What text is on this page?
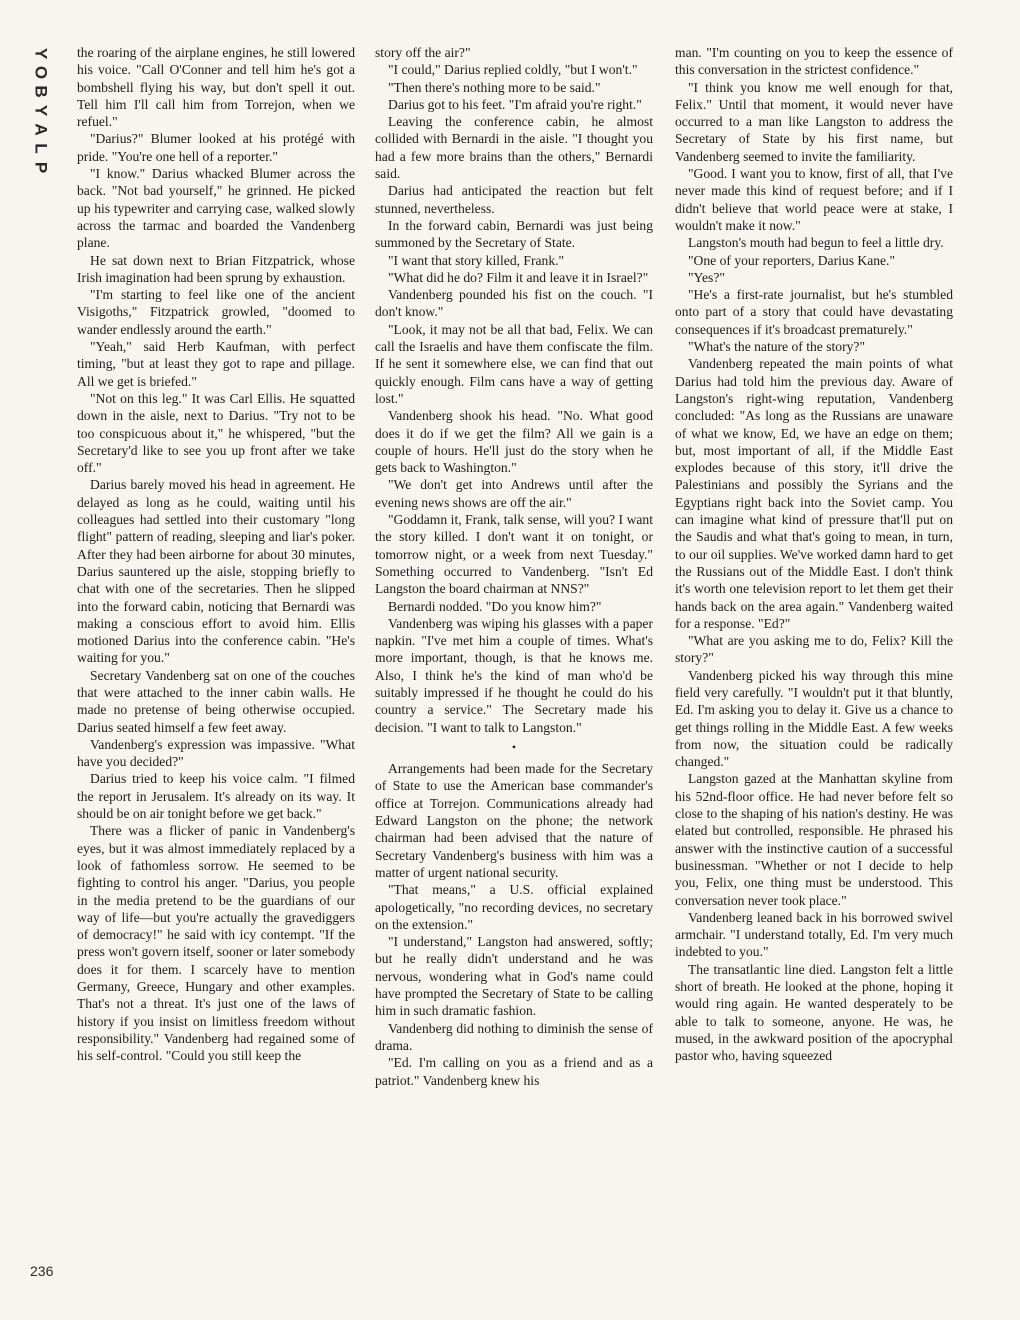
Y
O
B
Y
A
L
P

the roaring of the airplane engines, he still lowered his voice. "Call O'Conner and tell him he's got a bombshell flying his way, but don't spell it out. Tell him I'll call him from Torrejon, when we refuel."

"Darius?" Blumer looked at his protégé with pride. "You're one hell of a reporter."

"I know." Darius whacked Blumer across the back. "Not bad yourself," he grinned. He picked up his typewriter and carrying case, walked slowly across the tarmac and boarded the Vandenberg plane.

He sat down next to Brian Fitzpatrick, whose Irish imagination had been sprung by exhaustion.

"I'm starting to feel like one of the ancient Visigoths," Fitzpatrick growled, "doomed to wander endlessly around the earth."

"Yeah," said Herb Kaufman, with perfect timing, "but at least they got to rape and pillage. All we get is briefed."

"Not on this leg." It was Carl Ellis. He squatted down in the aisle, next to Darius. "Try not to be too conspicuous about it," he whispered, "but the Secretary'd like to see you up front after we take off."

Darius barely moved his head in agreement. He delayed as long as he could, waiting until his colleagues had settled into their customary "long flight" pattern of reading, sleeping and liar's poker. After they had been airborne for about 30 minutes, Darius sauntered up the aisle, stopping briefly to chat with one of the secretaries. Then he slipped into the forward cabin, noticing that Bernardi was making a conscious effort to avoid him. Ellis motioned Darius into the conference cabin. "He's waiting for you."

Secretary Vandenberg sat on one of the couches that were attached to the inner cabin walls. He made no pretense of being otherwise occupied. Darius seated himself a few feet away.

Vandenberg's expression was impassive. "What have you decided?"

Darius tried to keep his voice calm. "I filmed the report in Jerusalem. It's already on its way. It should be on air tonight before we get back."

There was a flicker of panic in Vandenberg's eyes, but it was almost immediately replaced by a look of fathomless sorrow. He seemed to be fighting to control his anger. "Darius, you people in the media pretend to be the guardians of our way of life—but you're actually the gravediggers of democracy!" he said with icy contempt. "If the press won't govern itself, sooner or later somebody does it for them. I scarcely have to mention Germany, Greece, Hungary and other examples. That's not a threat. It's just one of the laws of history if you insist on limitless freedom without responsibility." Vandenberg had regained some of his self-control. "Could you still keep the

story off the air?"

"I could," Darius replied coldly, "but I won't."

"Then there's nothing more to be said."

Darius got to his feet. "I'm afraid you're right."

Leaving the conference cabin, he almost collided with Bernardi in the aisle. "I thought you had a few more brains than the others," Bernardi said.

Darius had anticipated the reaction but felt stunned, nevertheless.

In the forward cabin, Bernardi was just being summoned by the Secretary of State.

"I want that story killed, Frank."

"What did he do? Film it and leave it in Israel?"

Vandenberg pounded his fist on the couch. "I don't know."

"Look, it may not be all that bad, Felix. We can call the Israelis and have them confiscate the film. If he sent it somewhere else, we can find that out quickly enough. Film cans have a way of getting lost."

Vandenberg shook his head. "No. What good does it do if we get the film? All we gain is a couple of hours. He'll just do the story when he gets back to Washington."

"We don't get into Andrews until after the evening news shows are off the air."

"Goddamn it, Frank, talk sense, will you? I want the story killed. I don't want it on tonight, or tomorrow night, or a week from next Tuesday." Something occurred to Vandenberg. "Isn't Ed Langston the board chairman at NNS?"

Bernardi nodded. "Do you know him?"

Vandenberg was wiping his glasses with a paper napkin. "I've met him a couple of times. What's more important, though, is that he knows me. Also, I think he's the kind of man who'd be suitably impressed if he thought he could do his country a service." The Secretary made his decision. "I want to talk to Langston."

•

Arrangements had been made for the Secretary of State to use the American base commander's office at Torrejon. Communications already had Edward Langston on the phone; the network chairman had been advised that the nature of Secretary Vandenberg's business with him was a matter of urgent national security.

"That means," a U.S. official explained apologetically, "no recording devices, no secretary on the extension."

"I understand," Langston had answered, softly; but he really didn't understand and he was nervous, wondering what in God's name could have prompted the Secretary of State to be calling him in such dramatic fashion.

Vandenberg did nothing to diminish the sense of drama.

"Ed. I'm calling on you as a friend and as a patriot." Vandenberg knew his

man. "I'm counting on you to keep the essence of this conversation in the strictest confidence."

"I think you know me well enough for that, Felix." Until that moment, it would never have occurred to a man like Langston to address the Secretary of State by his first name, but Vandenberg seemed to invite the familiarity.

"Good. I want you to know, first of all, that I've never made this kind of request before; and if I didn't believe that world peace were at stake, I wouldn't make it now."

Langston's mouth had begun to feel a little dry.

"One of your reporters, Darius Kane."

"Yes?"

"He's a first-rate journalist, but he's stumbled onto part of a story that could have devastating consequences if it's broadcast prematurely."

"What's the nature of the story?"

Vandenberg repeated the main points of what Darius had told him the previous day. Aware of Langston's right-wing reputation, Vandenberg concluded: "As long as the Russians are unaware of what we know, Ed, we have an edge on them; but, most important of all, if the Middle East explodes because of this story, it'll drive the Palestinians and possibly the Syrians and the Egyptians right back into the Soviet camp. You can imagine what kind of pressure that'll put on the Saudis and what that's going to mean, in turn, to our oil supplies. We've worked damn hard to get the Russians out of the Middle East. I don't think it's worth one television report to let them get their hands back on the area again." Vandenberg waited for a response. "Ed?"

"What are you asking me to do, Felix? Kill the story?"

Vandenberg picked his way through this mine field very carefully. "I wouldn't put it that bluntly, Ed. I'm asking you to delay it. Give us a chance to get things rolling in the Middle East. A few weeks from now, the situation could be radically changed."

Langston gazed at the Manhattan skyline from his 52nd-floor office. He had never before felt so close to the shaping of his nation's destiny. He was elated but controlled, responsible. He phrased his answer with the instinctive caution of a successful businessman. "Whether or not I decide to help you, Felix, one thing must be understood. This conversation never took place."

Vandenberg leaned back in his borrowed swivel armchair. "I understand totally, Ed. I'm very much indebted to you."

The transatlantic line died. Langston felt a little short of breath. He looked at the phone, hoping it would ring again. He wanted desperately to be able to talk to someone, anyone. He was, he mused, in the awkward position of the apocryphal pastor who, having squeezed

236
